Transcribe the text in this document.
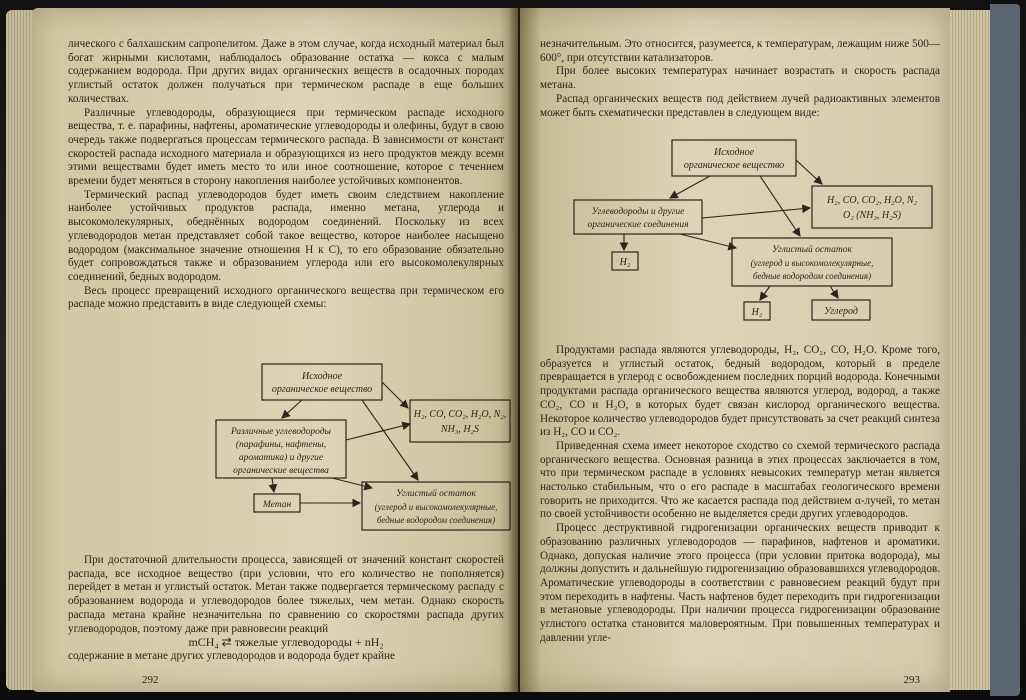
лического с балхашским сапропелитом. Даже в этом случае, когда исходный материал был богат жирными кислотами, наблюдалось образование остатка — кокса с малым содержанием водорода. При других видах органических веществ в осадочных породах углистый остаток должен получаться при термическом распаде в еще больших количествах.

Различные углеводороды, образующиеся при термическом распаде исходного вещества, т. е. парафины, нафтены, ароматические углеводороды и олефины, будут в свою очередь также подвергаться процессам термического распада. В зависимости от констант скоростей распада исходного материала и образующихся из него продуктов между всеми этими веществами будет иметь место то или иное соотношение, которое с течением времени будет меняться в сторону накопления наиболее устойчивых компонентов.

Термический распад углеводородов будет иметь своим следствием накопление наиболее устойчивых продуктов распада, именно метана, углерода и высокомолекулярных, обеднённых водородом соединений. Поскольку из всех углеводородов метан представляет собой такое вещество, которое наиболее насыщено водородом (максимальное значение отношения H к C), то его образование обязательно будет сопровождаться также и образованием углерода или его высокомолекулярных соединений, бедных водородом.

Весь процесс превращений исходного органического вещества при термическом его распаде можно представить в виде следующей схемы:

Исходное
органическое вещество
H₂, CO, CO₂, H₂O, N₂,
NH₃, H₂S
Различные углеводороды
(парафины, нафтены,
ароматика) и другие
органические вещества
Метан
Углистый остаток
(углерод и высокомолекулярные,
бедные водородом соединения)

При достаточной длительности процесса, зависящей от значений констант скоростей распада, все исходное вещество (при условии, что его количество не пополняется) перейдет в метан и углистый остаток. Метан также подвергается термическому распаду с образованием водорода и углеводородов более тяжелых, чем метан. Однако скорость распада метана крайне незначительна по сравнению со скоростями распада других углеводородов, поэтому даже при равновесии реакций

mCH₄ ⇄ тяжелые углеводороды + nH₂

содержание в метане других углеводородов и водорода будет крайне

292

незначительным. Это относится, разумеется, к температурам, лежащим ниже 500—600°, при отсутствии катализаторов.

При более высоких температурах начинает возрастать и скорость распада метана.

Распад органических веществ под действием лучей радиоактивных элементов может быть схематически представлен в следующем виде:

Исходное
органическое вещество
H₂, CO, CO₂, H₂O, N₂
O₂ (NH₃, H₂S)
Углеводороды и другие
органические соединения
H₂
Углистый остаток
(углерод и высокомолекулярные,
бедные водородом соединения)
H₂	Углерод

Продуктами распада являются углеводороды, H₂, CO₂, CO, H₂O. Кроме того, образуется и углистый остаток, бедный водородом, который в пределе превращается в углерод с освобождением последних порций водорода. Конечными продуктами распада органического вещества являются углерод, водород, а также CO₂, CO и H₂O, в которых будет связан кислород органического вещества. Некоторое количество углеводородов будет присутствовать за счет реакций синтеза из H₂, CO и CO₂.

Приведенная схема имеет некоторое сходство со схемой термического распада органического вещества. Основная разница в этих процессах заключается в том, что при термическом распаде в условиях невысоких температур метан является настолько стабильным, что о его распаде в масштабах геологического времени говорить не приходится. Что же касается распада под действием α-лучей, то метан по своей устойчивости особенно не выделяется среди других углеводородов.

Процесс деструктивной гидрогенизации органических веществ приводит к образованию различных углеводородов — парафинов, нафтенов и ароматики. Однако, допуская наличие этого процесса (при условии притока водорода), мы должны допустить и дальнейшую гидрогенизацию образовавшихся углеводородов. Ароматические углеводороды в соответствии с равновесием реакций будут при этом переходить в нафтены. Часть нафтенов будет переходить при гидрогенизации в метановые углеводороды. При наличии процесса гидрогенизации образование углистого остатка становится маловероятным. При повышенных температурах и давлении угле-

293
